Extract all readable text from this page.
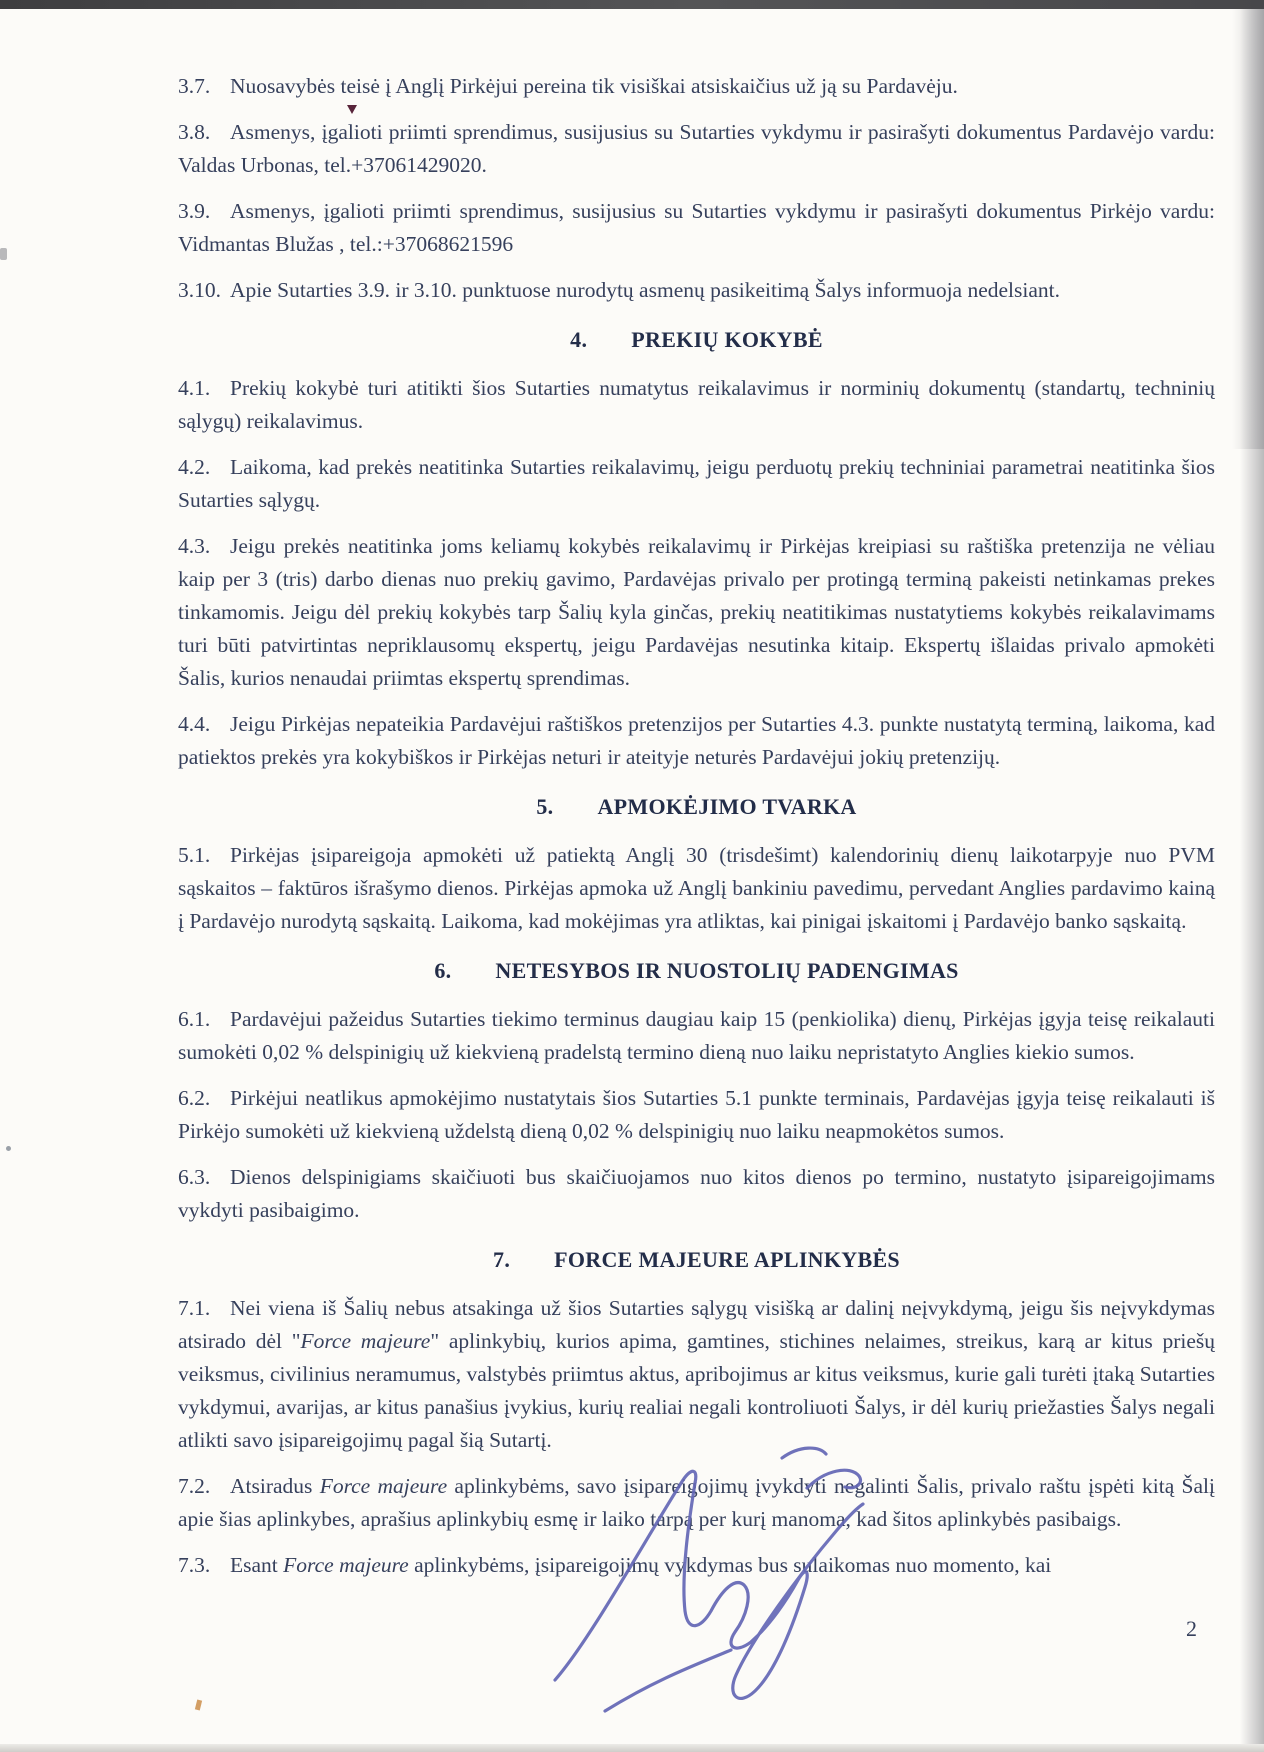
3.7. Nuosavybės teisė į Anglį Pirkėjui pereina tik visiškai atsiskaičius už ją su Pardavėju.

3.8. Asmenys, įgalioti priimti sprendimus, susijusius su Sutarties vykdymu ir pasirašyti dokumentus Pardavėjo vardu: Valdas Urbonas, tel.+37061429020.

3.9. Asmenys, įgalioti priimti sprendimus, susijusius su Sutarties vykdymu ir pasirašyti dokumentus Pirkėjo vardu: Vidmantas Blužas , tel.:+37068621596

3.10. Apie Sutarties 3.9. ir 3.10. punktuose nurodytų asmenų pasikeitimą Šalys informuoja nedelsiant.

4. PREKIŲ KOKYBĖ

4.1. Prekių kokybė turi atitikti šios Sutarties numatytus reikalavimus ir norminių dokumentų (standartų, techninių sąlygų) reikalavimus.

4.2. Laikoma, kad prekės neatitinka Sutarties reikalavimų, jeigu perduotų prekių techniniai parametrai neatitinka šios Sutarties sąlygų.

4.3. Jeigu prekės neatitinka joms keliamų kokybės reikalavimų ir Pirkėjas kreipiasi su raštiška pretenzija ne vėliau kaip per 3 (tris) darbo dienas nuo prekių gavimo, Pardavėjas privalo per protingą terminą pakeisti netinkamas prekes tinkamomis. Jeigu dėl prekių kokybės tarp Šalių kyla ginčas, prekių neatitikimas nustatytiems kokybės reikalavimams turi būti patvirtintas nepriklausomų ekspertų, jeigu Pardavėjas nesutinka kitaip. Ekspertų išlaidas privalo apmokėti Šalis, kurios nenaudai priimtas ekspertų sprendimas.

4.4. Jeigu Pirkėjas nepateikia Pardavėjui raštiškos pretenzijos per Sutarties 4.3. punkte nustatytą terminą, laikoma, kad patiektos prekės yra kokybiškos ir Pirkėjas neturi ir ateityje neturės Pardavėjui jokių pretenzijų.

5. APMOKĖJIMO TVARKA

5.1. Pirkėjas įsipareigoja apmokėti už patiektą Anglį 30 (trisdešimt) kalendorinių dienų laikotarpyje nuo PVM sąskaitos – faktūros išrašymo dienos. Pirkėjas apmoka už Anglį bankiniu pavedimu, pervedant Anglies pardavimo kainą į Pardavėjo nurodytą sąskaitą. Laikoma, kad mokėjimas yra atliktas, kai pinigai įskaitomi į Pardavėjo banko sąskaitą.

6. NETESYBOS IR NUOSTOLIŲ PADENGIMAS

6.1. Pardavėjui pažeidus Sutarties tiekimo terminus daugiau kaip 15 (penkiolika) dienų, Pirkėjas įgyja teisę reikalauti sumokėti 0,02 % delspinigių už kiekvieną pradelstą termino dieną nuo laiku nepristatyto Anglies kiekio sumos.

6.2. Pirkėjui neatlikus apmokėjimo nustatytais šios Sutarties 5.1 punkte terminais, Pardavėjas įgyja teisę reikalauti iš Pirkėjo sumokėti už kiekvieną uždelstą dieną 0,02 % delspinigių nuo laiku neapmokėtos sumos.

6.3. Dienos delspinigiams skaičiuoti bus skaičiuojamos nuo kitos dienos po termino, nustatyto įsipareigojimams vykdyti pasibaigimo.

7. FORCE MAJEURE APLINKYBĖS

7.1. Nei viena iš Šalių nebus atsakinga už šios Sutarties sąlygų visišką ar dalinį neįvykdymą, jeigu šis neįvykdymas atsirado dėl "Force majeure" aplinkybių, kurios apima, gamtines, stichines nelaimes, streikus, karą ar kitus priešų veiksmus, civilinius neramumus, valstybės priimtus aktus, apribojimus ar kitus veiksmus, kurie gali turėti įtaką Sutarties vykdymui, avarijas, ar kitus panašius įvykius, kurių realiai negali kontroliuoti Šalys, ir dėl kurių priežasties Šalys negali atlikti savo įsipareigojimų pagal šią Sutartį.

7.2. Atsiradus Force majeure aplinkybėms, savo įsipareigojimų įvykdyti negalinti Šalis, privalo raštu įspėti kitą Šalį apie šias aplinkybes, aprašius aplinkybių esmę ir laiko tarpą per kurį manoma, kad šitos aplinkybės pasibaigs.

7.3. Esant Force majeure aplinkybėms, įsipareigojimų vykdymas bus sulaikomas nuo momento, kai

2
